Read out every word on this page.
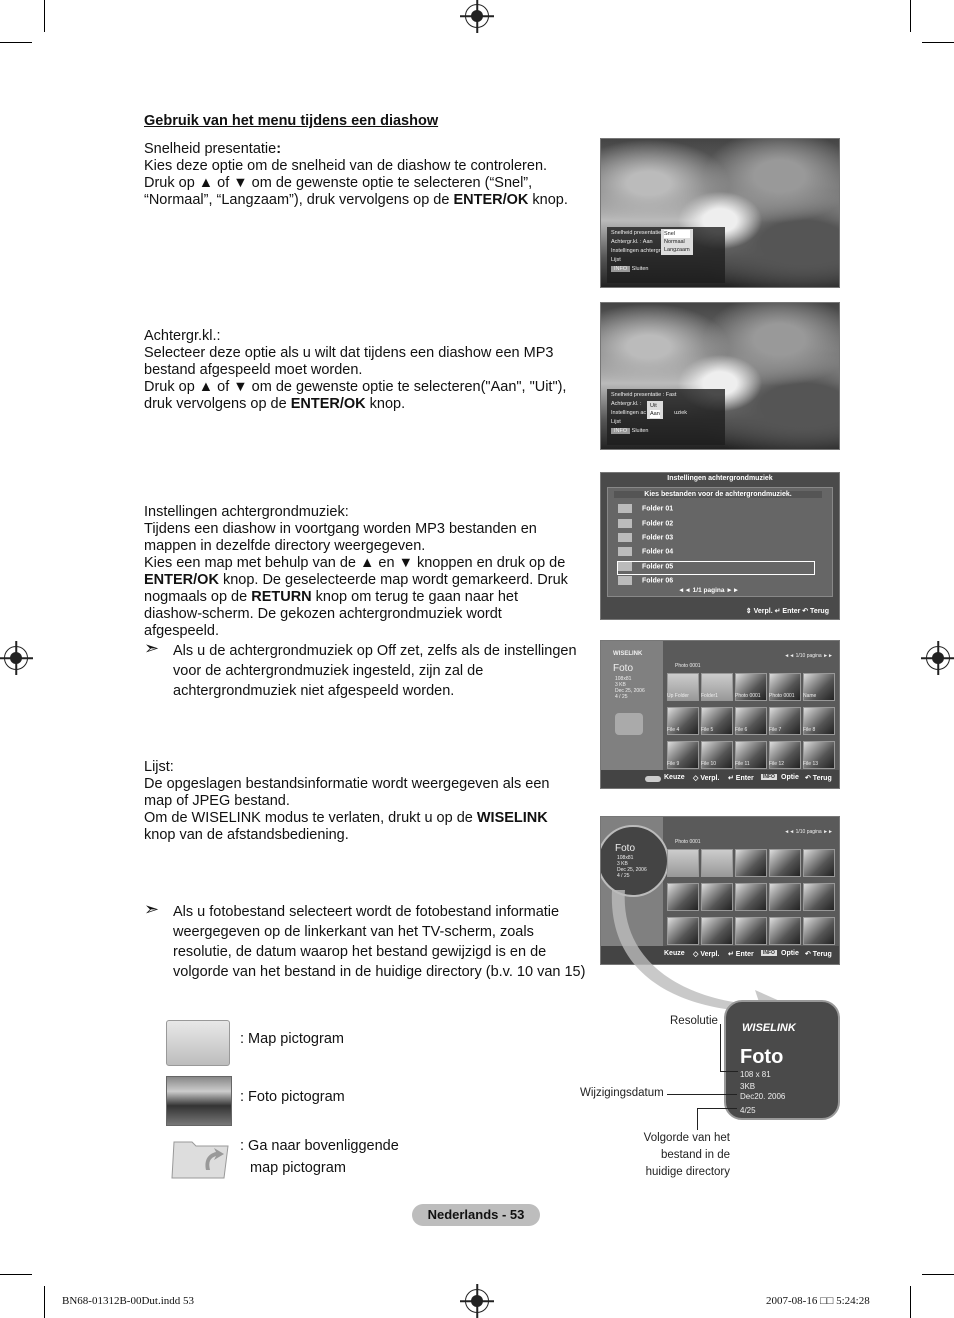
Gebruik van het menu tijdens een diashow

Snelheid presentatie:

Kies deze optie om de snelheid van de diashow te controleren.

Druk op ▲ of ▼ om de gewenste optie te selecteren (“Snel”, “Normaal”, “Langzaam”), druk vervolgens op de ENTER/OK knop.

Achtergr.kl.:

Selecteer deze optie als u wilt dat tijdens een diashow een MP3 bestand afgespeeld moet worden.

Druk op ▲ of ▼ om de gewenste optie te selecteren("Aan", "Uit"), druk vervolgens op de ENTER/OK knop.

Instellingen achtergrondmuziek:

Tijdens een diashow in voortgang worden MP3 bestanden en mappen in dezelfde directory weergegeven.

Kies een map met behulp van de ▲ en ▼ knoppen en druk op de ENTER/OK knop. De geselecteerde map wordt gemarkeerd. Druk nogmaals op de RETURN knop om terug te gaan naar het diashow-scherm. De gekozen achtergrondmuziek wordt afgespeeld.

➣ Als u de achtergrondmuziek op Off zet, zelfs als de instellingen voor de achtergrondmuziek ingesteld, zijn zal de achtergrondmuziek niet afgespeeld worden.

Lijst:

De opgeslagen bestandsinformatie wordt weergegeven als een map of JPEG bestand.

Om de WISELINK modus te verlaten, drukt u op de WISELINK knop van de afstandsbediening.

➣ Als u fotobestand selecteert wordt de fotobestand informatie weergegeven op de linkerkant van het TV-scherm, zoals resolutie, de datum waarop het bestand gewijzigd is en de volgorde van het bestand in de huidige directory (b.v. 10 van 15)
Snelheid presentatie
Achtergr.kl. : Aan
Instellingen achtergr
Lijst
INFO Sluiten
Snel
Normaal
Langzaam
Snelheid presentatie : Fast
Achtergr.kl. :
Instellingen ac	uziek
Lijst
INFO Sluiten
Uit
Aan
Instellingen achtergrondmuziek
Kies bestanden voor de achtergrondmuziek.
Folder 01
Folder 02
Folder 03
Folder 04
Folder 05
Folder 06
◄◄ 1/1 pagina ►►
⇕ Verpl. ↵ Enter ↶ Terug
WISELINK
Foto
108x81
3 KB
Dec 25, 2006
4 / 25
Photo 0001
◄◄ 1/10 pagina ►►
Up Folder Folder1	Photo 0001 Photo 0001 Name
File 4	File 5	File 6	File 7	File 8
File 9	File 10	File 11	File 12	File 13
Keuze ◇ Verpl. ↵ Enter	INFO Optie ↶ Terug
Foto
108x81
3 KB
Dec 25, 2006
4 / 25
Photo 0001
◄◄ 1/10 pagina ►►
Keuze ◇ Verpl. ↵ Enter	INFO Optie ↶ Terug
WISELINK
Foto
108 x 81
3KB
Dec20. 2006
4/25
Resolutie
Wijzigingsdatum
Volgorde van het
bestand in de
huidige directory
: Map pictogram
: Foto pictogram
: Ga naar bovenliggende
map pictogram
Nederlands - 53
BN68-01312B-00Dut.indd 53	2007-08-16 □□ 5:24:28
